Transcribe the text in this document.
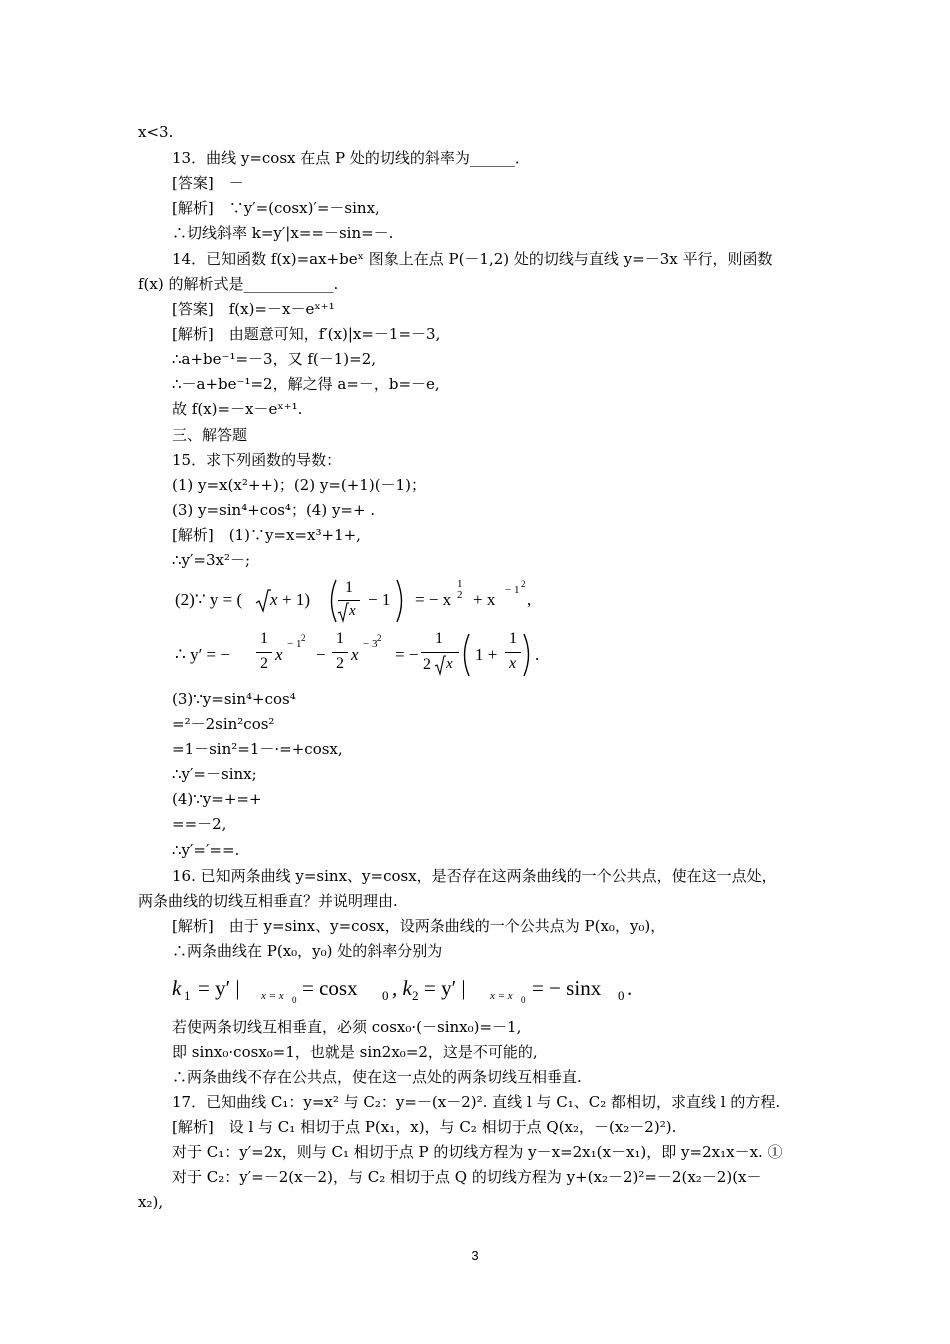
x<3.
13．曲线 y=cosx 在点 P 处的切线的斜率为______．
[答案]　－
[解析]　∵y′=(cosx)′=－sinx,
∴切线斜率 k=y′|x==－sin=－.
14．已知函数 f(x)=ax+beˣ 图象上在点 P(－1,2) 处的切线与直线 y=－3x 平行，则函数
f(x) 的解析式是____________.
[答案]　f(x)=－x－eˣ⁺¹
[解析]　由题意可知，f′(x)|x=－1=－3,
∴a+be⁻¹=－3，又 f(－1)=2,
∴－a+be⁻¹=2，解之得 a=－，b=－e,
故 f(x)=－x－eˣ⁺¹.
三、解答题
15．求下列函数的导数：
(1) y=x(x²++)；(2) y=(+1)(－1)；
(3) y=sin⁴+cos⁴；(4) y=+ .
[解析]　(1)∵y=x=x³+1+,
∴y′=3x²－;
(2)∵ y = ( x + 1)
1
x
− 1 = − x
1
2 + x − 1 2
,
∴ y′ = −
1
2 x
− 1 2
−
1
2 x
− 3 2
= −
1
2 x 1 +
1
x .
(3)∵y=sin⁴+cos⁴
=²－2sin²cos²
=1－sin²=1－·=+cosx,
∴y′=－sinx;
(4)∵y=+=+
==－2,
∴y′=′==.
16. 已知两条曲线 y=sinx、y=cosx，是否存在这两条曲线的一个公共点，使在这一点处，
两条曲线的切线互相垂直？并说明理由.
[解析]　由于 y=sinx、y=cosx，设两条曲线的一个公共点为 P(x₀，y₀)，
∴两条曲线在 P(x₀，y₀) 处的斜率分别为
k 1 = y′ | x = x 0 = cosx 0 , k 2 = y′ | x = x 0 = − sinx 0 .
若使两条切线互相垂直，必须 cosx₀·(－sinx₀)=－1,
即 sinx₀·cosx₀=1，也就是 sin2x₀=2，这是不可能的,
∴两条曲线不存在公共点，使在这一点处的两条切线互相垂直.
17．已知曲线 C₁：y=x² 与 C₂：y=－(x－2)². 直线 l 与 C₁、C₂ 都相切，求直线 l 的方程.
[解析]　设 l 与 C₁ 相切于点 P(x₁，x)，与 C₂ 相切于点 Q(x₂，－(x₂－2)²).
对于 C₁：y′=2x，则与 C₁ 相切于点 P 的切线方程为 y－x=2x₁(x－x₁)，即 y=2x₁x－x. ①
对于 C₂：y′=－2(x－2)，与 C₂ 相切于点 Q 的切线方程为 y+(x₂－2)²=－2(x₂－2)(x－
x₂),
3
